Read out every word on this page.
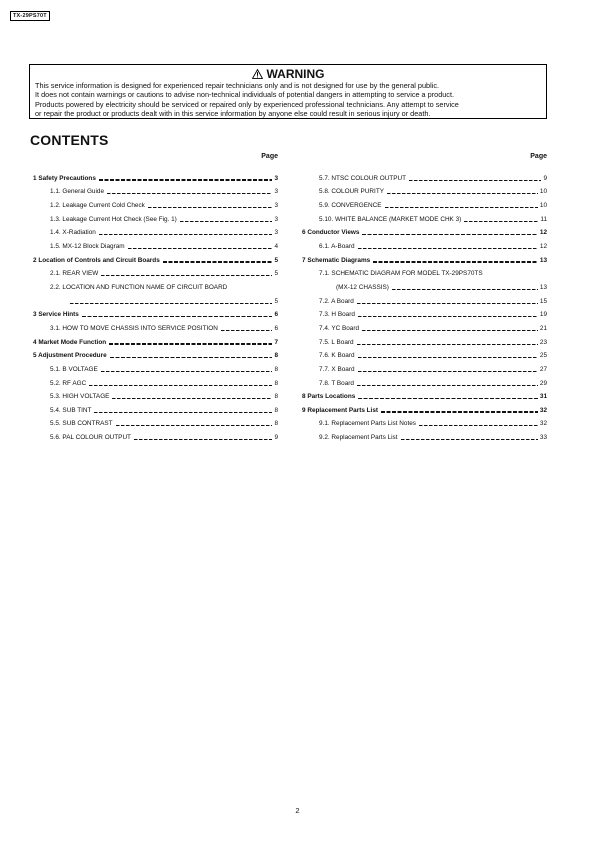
TX-29PS70T
WARNING

This service information is designed for experienced repair technicians only and is not designed for use by the general public.

It does not contain warnings or cautions to advise non-technical individuals of potential dangers in attempting to service a product.

Products powered by electricity should be serviced or repaired only by experienced professional technicians. Any attempt to service

or repair the product or products dealt with in this service information by anyone else could result in serious injury or death.

CONTENTS
Page
1 Safety Precautions	3
1.1. General Guide	3
1.2. Leakage Current Cold Check	3
1.3. Leakage Current Hot Check (See Fig. 1)	3
1.4. X-Radiation	3
1.5. MX-12 Block Diagram	4
2 Location of Controls and Circuit Boards	5
2.1. REAR VIEW	5
2.2. LOCATION AND FUNCTION NAME OF CIRCUIT BOARD
5
3 Service Hints	6
3.1. HOW TO MOVE CHASSIS INTO SERVICE POSITION	6
4 Market Mode Function	7
5 Adjustment Procedure	8
5.1. B VOLTAGE	8
5.2. RF AGC	8
5.3. HIGH VOLTAGE	8
5.4. SUB TINT	8
5.5. SUB CONTRAST	8
5.6. PAL COLOUR OUTPUT	9
Page
5.7. NTSC COLOUR OUTPUT	9
5.8. COLOUR PURITY	10
5.9. CONVERGENCE	10
5.10. WHITE BALANCE (MARKET MODE CHK 3)	11
6 Conductor Views	12
6.1. A-Board	12
7 Schematic Diagrams	13
7.1. SCHEMATIC DIAGRAM FOR MODEL TX-29PS70TS
(MX-12 CHASSIS)	13
7.2. A Board	15
7.3. H Board	19
7.4. YC Board	21
7.5. L Board	23
7.6. K Board	25
7.7. X Board	27
7.8. T Board	29
8 Parts Locations	31
9 Replacement Parts List	32
9.1. Replacement Parts List Notes	32
9.2. Replacement Parts List	33
2
